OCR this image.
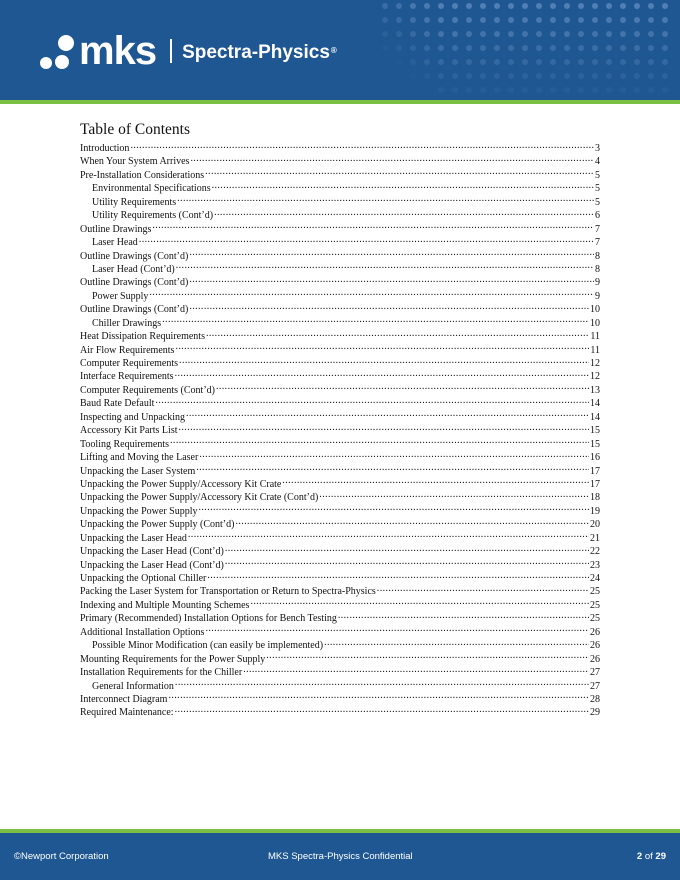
mks Spectra-Physics®
Table of Contents
Introduction .....	3
When Your System Arrives .....	4
Pre-Installation Considerations .....	5
Environmental Specifications .....	5
Utility Requirements .....	5
Utility Requirements (Cont’d) .....	6
Outline Drawings .....	7
Laser Head .....	7
Outline Drawings (Cont’d) .....	8
Laser Head (Cont’d) .....	8
Outline Drawings (Cont’d) .....	9
Power Supply .....	9
Outline Drawings (Cont’d) .....	10
Chiller Drawings .....	10
Heat Dissipation Requirements .....	11
Air Flow Requirements .....	11
Computer Requirements .....	12
Interface Requirements .....	12
Computer Requirements (Cont’d) .....	13
Baud Rate Default .....	14
Inspecting and Unpacking .....	14
Accessory Kit Parts List .....	15
Tooling Requirements .....	15
Lifting and Moving the Laser .....	16
Unpacking the Laser System .....	17
Unpacking the Power Supply/Accessory Kit Crate .....	17
Unpacking the Power Supply/Accessory Kit Crate (Cont’d) .....	18
Unpacking the Power Supply .....	19
Unpacking the Power Supply (Cont’d) .....	20
Unpacking the Laser Head .....	21
Unpacking the Laser Head (Cont’d) .....	22
Unpacking the Laser Head (Cont’d) .....	23
Unpacking the Optional Chiller .....	24
Packing the Laser System for Transportation or Return to Spectra-Physics .....	25
Indexing and Multiple Mounting Schemes .....	25
Primary (Recommended) Installation Options for Bench Testing .....	25
Additional Installation Options .....	26
Possible Minor Modification (can easily be implemented) .....	26
Mounting Requirements for the Power Supply .....	26
Installation Requirements for the Chiller .....	27
General Information .....	27
Interconnect Diagram .....	28
Required Maintenance: .....	29
©Newport Corporation	MKS Spectra-Physics Confidential	2 of 29
